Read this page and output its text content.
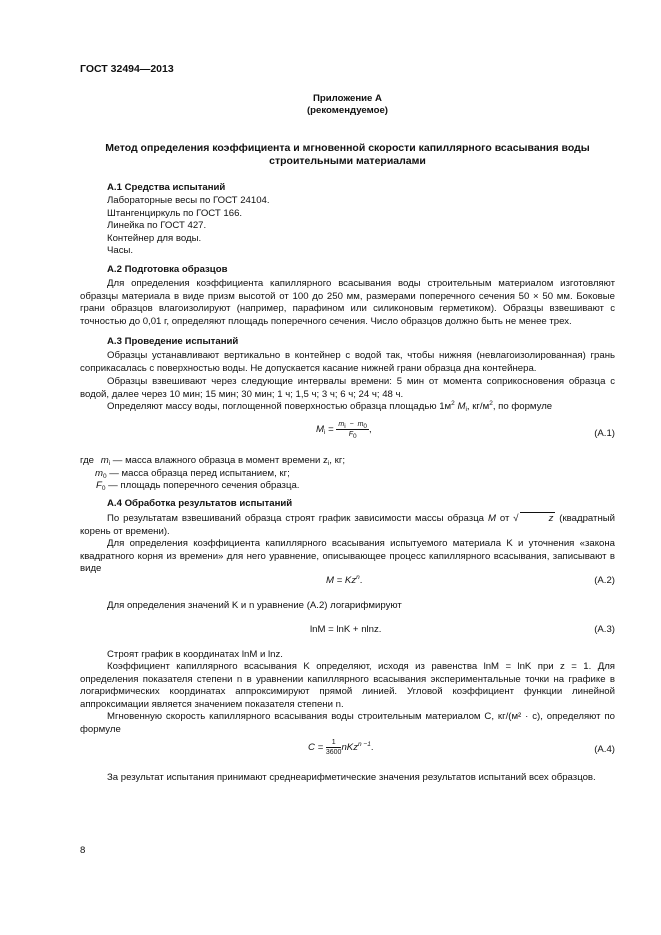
ГОСТ 32494—2013
Приложение А
(рекомендуемое)
Метод определения коэффициента и мгновенной скорости капиллярного всасывания воды
строительными материалами
А.1 Средства испытаний
Лабораторные весы по ГОСТ 24104.
Штангенциркуль по ГОСТ 166.
Линейка по ГОСТ 427.
Контейнер для воды.
Часы.
А.2 Подготовка образцов
Для определения коэффициента капиллярного всасывания воды строительным материалом изготовляют образцы материала в виде призм высотой от 100 до 250 мм, размерами поперечного сечения 50 × 50 мм. Боковые грани образцов влагоизолируют (например, парафином или силиконовым герметиком). Образцы взвешивают с точностью до 0,01 г, определяют площадь поперечного сечения. Число образцов должно быть не менее трех.
А.3 Проведение испытаний
Образцы устанавливают вертикально в контейнер с водой так, чтобы нижняя (невлагоизолированная) грань соприкасалась с поверхностью воды. Не допускается касание нижней грани образца дна контейнера.
Образцы взвешивают через следующие интервалы времени: 5 мин от момента соприкосновения образца с водой, далее через 10 мин; 15 мин; 30 мин; 1 ч; 1,5 ч; 3 ч; 6 ч; 24 ч; 48 ч.
Определяют массу воды, поглощенной поверхностью образца площадью $1м^2$ $M_i$, $кг/м^2$, по формуле
$M_i = \frac{m_i - m_0}{F_0}$ ,	(А.1)
где $m_i$ — масса влажного образца в момент времени $z_i$, кг;
$m_0$ — масса образца перед испытанием, кг;
$F_0$ — площадь поперечного сечения образца.
А.4 Обработка результатов испытаний
По результатам взвешиваний образца строят график зависимости массы образца M от √	z (квадратный корень от времени).
Для определения коэффициента капиллярного всасывания испытуемого материала K и уточнения «закона квадратного корня из времени» для него уравнение, описывающее процесс капиллярного всасывания, записывают в виде
$M = Kz^n$.	(А.2)
Для определения значений K и n уравнение (А.2) логарифмируют
lnM = lnK + nlnz.	(А.3)
Строят график в координатах lnM и lnz.
Коэффициент капиллярного всасывания K определяют, исходя из равенства lnM = lnK при z = 1. Для определения показателя степени n в уравнении капиллярного всасывания экспериментальные точки на графике в логарифмических координатах аппроксимируют прямой линией. Угловой коэффициент функции линейной аппроксимации является значением показателя степени n.
Мгновенную скорость капиллярного всасывания воды строительным материалом C, кг/(м² · с), определяют по формуле
$C = \frac{1}{3600} nKz^{n -1}$.	(А.4)
За результат испытания принимают среднеарифметические значения результатов испытаний всех образцов.
8
